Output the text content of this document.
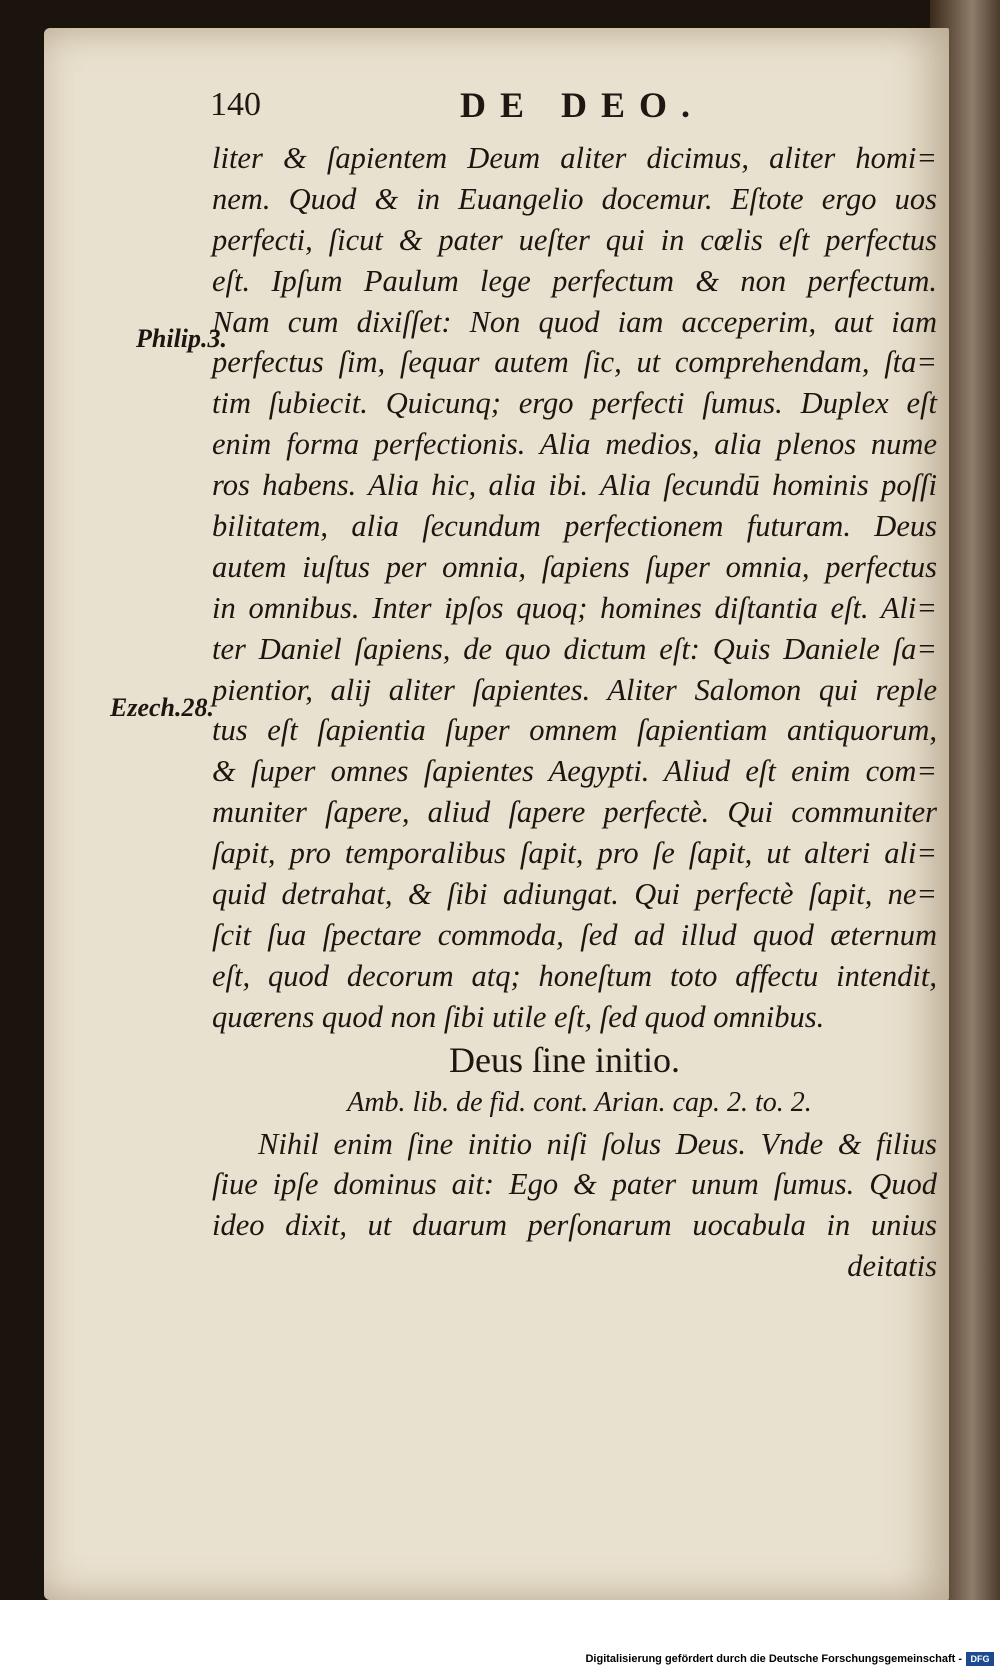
140	DE DEO.
Philip.3.
Ezech.28.
liter & ſapientem Deum aliter dicimus, aliter homi=
nem. Quod & in Euangelio docemur. Eſtote ergo uos
perfecti, ſicut & pater ueſter qui in cœlis eſt perfectus
eſt. Ipſum Paulum lege perfectum & non perfectum.
Nam cum dixiſſet: Non quod iam acceperim, aut iam
perfectus ſim, ſequar autem ſic, ut comprehendam, ſta=
tim ſubiecit. Quicunq; ergo perfecti ſumus. Duplex eſt
enim forma perfectionis. Alia medios, alia plenos nume
ros habens. Alia hic, alia ibi. Alia ſecundū hominis poſſi
bilitatem, alia ſecundum perfectionem futuram. Deus
autem iuſtus per omnia, ſapiens ſuper omnia, perfectus
in omnibus. Inter ipſos quoq; homines diſtantia eſt. Ali=
ter Daniel ſapiens, de quo dictum eſt: Quis Daniele ſa=
pientior, alij aliter ſapientes. Aliter Salomon qui reple
tus eſt ſapientia ſuper omnem ſapientiam antiquorum,
& ſuper omnes ſapientes Aegypti. Aliud eſt enim com=
muniter ſapere, aliud ſapere perfectè. Qui communiter
ſapit, pro temporalibus ſapit, pro ſe ſapit, ut alteri ali=
quid detrahat, & ſibi adiungat. Qui perfectè ſapit, ne=
ſcit ſua ſpectare commoda, ſed ad illud quod æternum
eſt, quod decorum atq; honeſtum toto affectu intendit,
quærens quod non ſibi utile eſt, ſed quod omnibus.
Deus ſine initio.
Amb. lib. de fid. cont. Arian. cap. 2. to. 2.
Nihil enim ſine initio niſi ſolus Deus. Vnde & filius
ſiue ipſe dominus ait: Ego & pater unum ſumus. Quod
ideo dixit, ut duarum perſonarum uocabula in unius
deitatis
Digitalisierung gefördert durch die Deutsche Forschungsgemeinschaft - DFG
